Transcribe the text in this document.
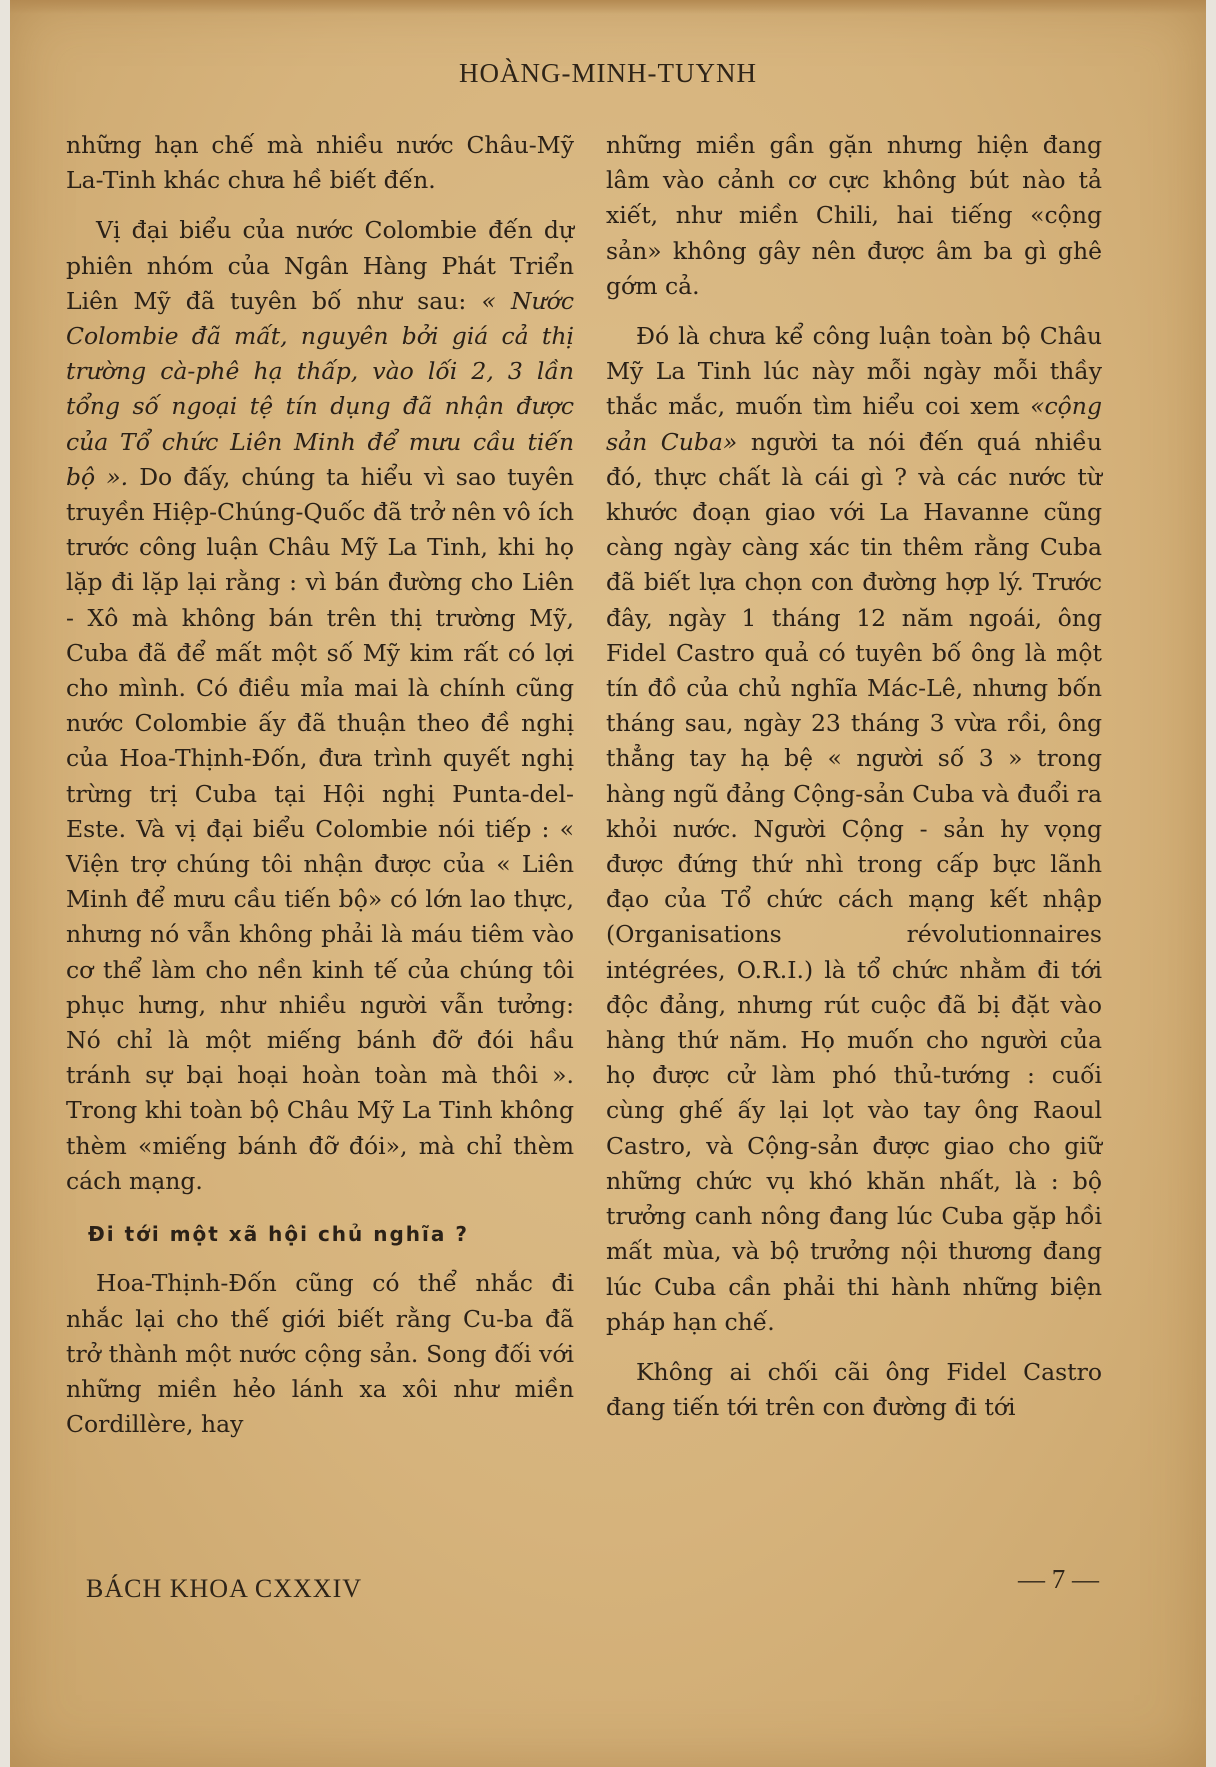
HOÀNG-MINH-TUYNH

những hạn chế mà nhiều nước Châu-Mỹ La-Tinh khác chưa hề biết đến.

Vị đại biểu của nước Colombie đến dự phiên nhóm của Ngân Hàng Phát Triển Liên Mỹ đã tuyên bố như sau: « Nước Colombie đã mất, nguyên bởi giá cả thị trường cà-phê hạ thấp, vào lối 2, 3 lần tổng số ngoại tệ tín dụng đã nhận được của Tổ chức Liên Minh để mưu cầu tiến bộ ». Do đấy, chúng ta hiểu vì sao tuyên truyền Hiệp-Chúng-Quốc đã trở nên vô ích trước công luận Châu Mỹ La Tinh, khi họ lặp đi lặp lại rằng : vì bán đường cho Liên - Xô mà không bán trên thị trường Mỹ, Cuba đã để mất một số Mỹ kim rất có lợi cho mình. Có điều mỉa mai là chính cũng nước Colombie ấy đã thuận theo đề nghị của Hoa-Thịnh-Đốn, đưa trình quyết nghị trừng trị Cuba tại Hội nghị Punta-del-Este. Và vị đại biểu Colombie nói tiếp : « Viện trợ chúng tôi nhận được của « Liên Minh để mưu cầu tiến bộ» có lớn lao thực, nhưng nó vẫn không phải là máu tiêm vào cơ thể làm cho nền kinh tế của chúng tôi phục hưng, như nhiều người vẫn tưởng: Nó chỉ là một miếng bánh đỡ đói hầu tránh sự bại hoại hoàn toàn mà thôi ». Trong khi toàn bộ Châu Mỹ La Tinh không thèm «miếng bánh đỡ đói», mà chỉ thèm cách mạng.

Đi tới một xã hội chủ nghĩa ?

Hoa-Thịnh-Đốn cũng có thể nhắc đi nhắc lại cho thế giới biết rằng Cu-ba đã trở thành một nước cộng sản. Song đối với những miền hẻo lánh xa xôi như miền Cordillère, hay

những miền gần gặn nhưng hiện đang lâm vào cảnh cơ cực không bút nào tả xiết, như miền Chili, hai tiếng «cộng sản» không gây nên được âm ba gì ghê gớm cả.

Đó là chưa kể công luận toàn bộ Châu Mỹ La Tinh lúc này mỗi ngày mỗi thầy thắc mắc, muốn tìm hiểu coi xem «cộng sản Cuba» người ta nói đến quá nhiều đó, thực chất là cái gì ? và các nước từ khước đoạn giao với La Havanne cũng càng ngày càng xác tin thêm rằng Cuba đã biết lựa chọn con đường hợp lý. Trước đây, ngày 1 tháng 12 năm ngoái, ông Fidel Castro quả có tuyên bố ông là một tín đồ của chủ nghĩa Mác-Lê, nhưng bốn tháng sau, ngày 23 tháng 3 vừa rồi, ông thẳng tay hạ bệ « người số 3 » trong hàng ngũ đảng Cộng-sản Cuba và đuổi ra khỏi nước. Người Cộng - sản hy vọng được đứng thứ nhì trong cấp bực lãnh đạo của Tổ chức cách mạng kết nhập (Organisations révolutionnaires intégrées, O.R.I.) là tổ chức nhằm đi tới độc đảng, nhưng rút cuộc đã bị đặt vào hàng thứ năm. Họ muốn cho người của họ được cử làm phó thủ-tướng : cuối cùng ghế ấy lại lọt vào tay ông Raoul Castro, và Cộng-sản được giao cho giữ những chức vụ khó khăn nhất, là : bộ trưởng canh nông đang lúc Cuba gặp hồi mất mùa, và bộ trưởng nội thương đang lúc Cuba cần phải thi hành những biện pháp hạn chế.

Không ai chối cãi ông Fidel Castro đang tiến tới trên con đường đi tới

BÁCH KHOA CXXXIV	— 7 —
